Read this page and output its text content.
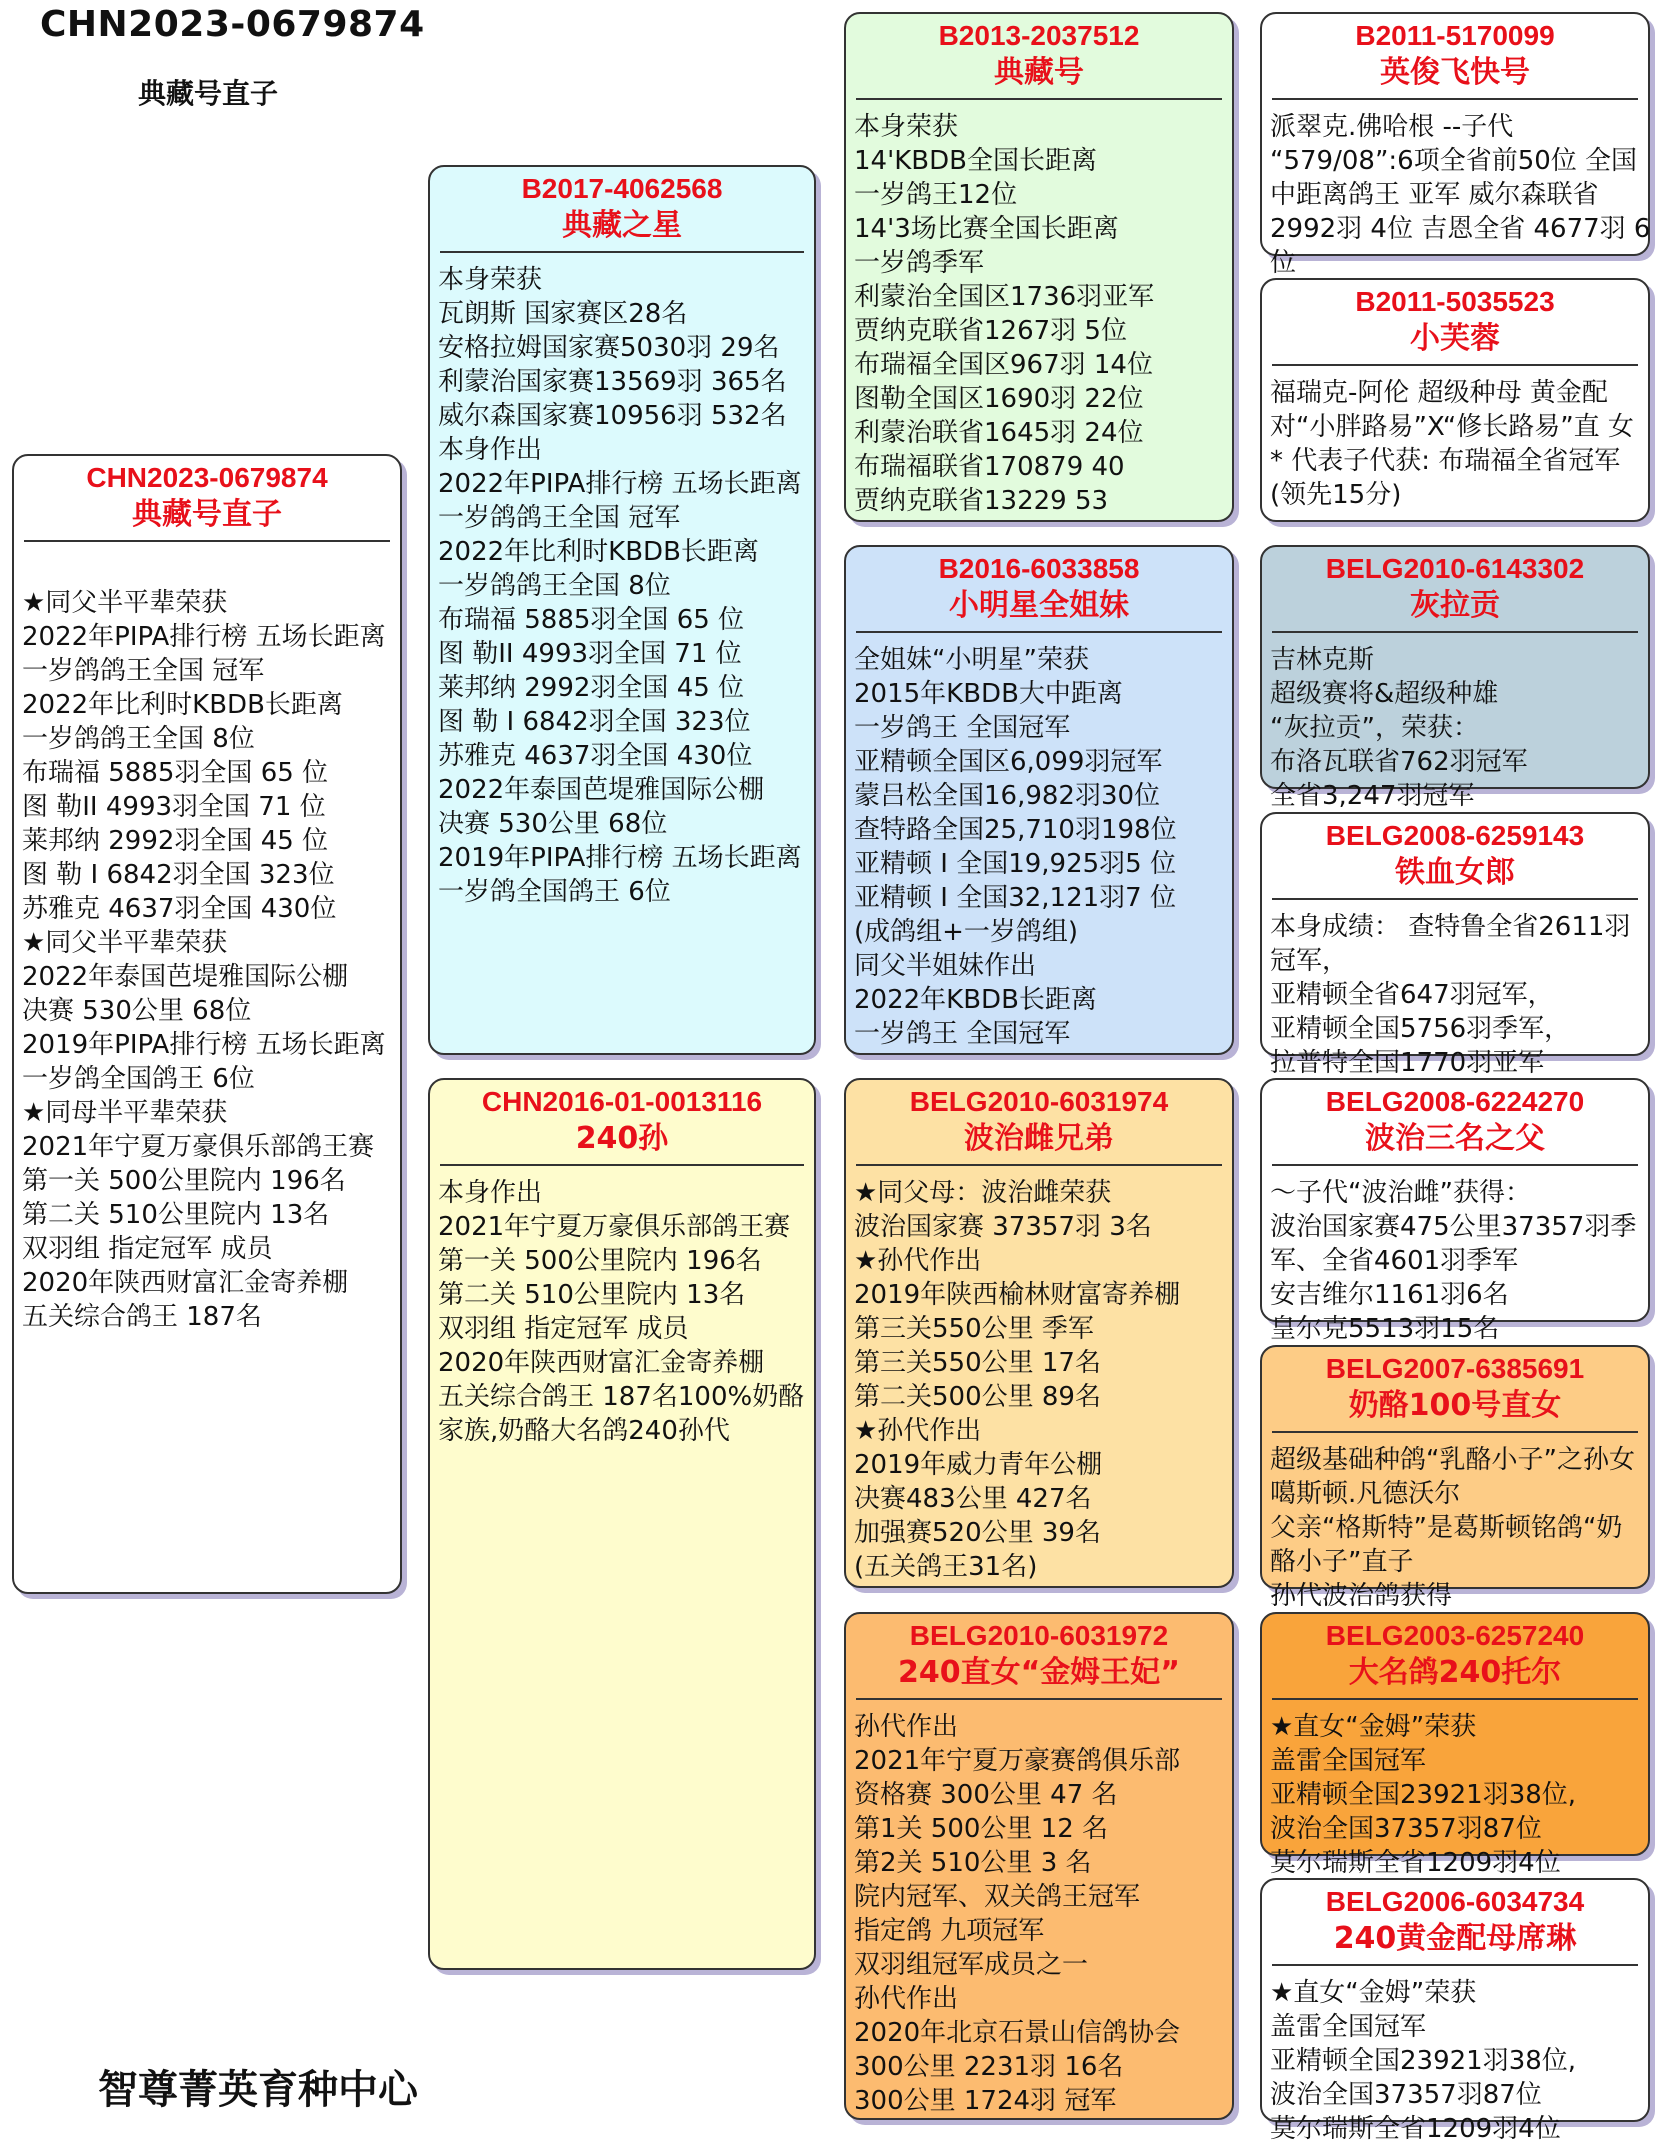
CHN2023-0679874
典藏号直子
CHN2023-0679874
典藏号直子

★同父半平辈荣获
2022年PIPA排行榜 五场长距离
一岁鸽鸽王全国 冠军
2022年比利时KBDB长距离
一岁鸽鸽王全国 8位
布瑞福 5885羽全国 65 位
图 勒II 4993羽全国 71 位
莱邦纳 2992羽全国 45 位
图 勒 I 6842羽全国 323位
苏雅克 4637羽全国 430位
★同父半平辈荣获
2022年泰国芭堤雅国际公棚
决赛 530公里 68位
2019年PIPA排行榜 五场长距离
一岁鸽全国鸽王 6位
★同母半平辈荣获
2021年宁夏万豪俱乐部鸽王赛
第一关 500公里院内 196名
第二关 510公里院内 13名
双羽组 指定冠军 成员
2020年陕西财富汇金寄养棚
五关综合鸽王 187名
B2017-4062568
典藏之星
本身荣获
瓦朗斯 国家赛区28名
安格拉姆国家赛5030羽 29名
利蒙治国家赛13569羽 365名
威尔森国家赛10956羽 532名
本身作出
2022年PIPA排行榜 五场长距离
一岁鸽鸽王全国 冠军
2022年比利时KBDB长距离
一岁鸽鸽王全国 8位
布瑞福 5885羽全国 65 位
图 勒II 4993羽全国 71 位
莱邦纳 2992羽全国 45 位
图 勒 I 6842羽全国 323位
苏雅克 4637羽全国 430位
2022年泰国芭堤雅国际公棚
决赛 530公里 68位
2019年PIPA排行榜 五场长距离
一岁鸽全国鸽王 6位
CHN2016-01-0013116
240孙
本身作出
2021年宁夏万豪俱乐部鸽王赛
第一关 500公里院内 196名
第二关 510公里院内 13名
双羽组 指定冠军 成员
2020年陕西财富汇金寄养棚
五关综合鸽王 187名100%奶酪
家族,奶酪大名鸽240孙代
B2013-2037512
典藏号
本身荣获
14'KBDB全国长距离
一岁鸽王12位
14'3场比赛全国长距离
一岁鸽季军
利蒙治全国区1736羽亚军
贾纳克联省1267羽 5位
布瑞福全国区967羽 14位
图勒全国区1690羽 22位
利蒙治联省1645羽 24位
布瑞福联省170879 40
贾纳克联省13229 53
B2016-6033858
小明星全姐妹
全姐妹“小明星”荣获
2015年KBDB大中距离
一岁鸽王 全国冠军
亚精顿全国区6,099羽冠军
蒙吕松全国16,982羽30位
查特路全国25,710羽198位
亚精顿 I 全国19,925羽5 位
亚精顿 I 全国32,121羽7 位
(成鸽组+一岁鸽组)
同父半姐妹作出
2022年KBDB长距离
一岁鸽王 全国冠军
BELG2010-6031974
波治雌兄弟
★同父母：波治雌荣获
波治国家赛 37357羽 3名
★孙代作出
2019年陕西榆林财富寄养棚
第三关550公里 季军
第三关550公里 17名
第二关500公里 89名
★孙代作出
2019年威力青年公棚
决赛483公里 427名
加强赛520公里 39名
(五关鸽王31名)
BELG2010-6031972
240直女“金姆王妃”
孙代作出
2021年宁夏万豪赛鸽俱乐部
资格赛 300公里 47 名
第1关 500公里 12 名
第2关 510公里 3 名
院内冠军、双关鸽王冠军
指定鸽 九项冠军
双羽组冠军成员之一
孙代作出
2020年北京石景山信鸽协会
300公里 2231羽 16名
300公里 1724羽 冠军
B2011-5170099
英俊飞快号
派翠克.佛哈根 --子代
“579/08”:6项全省前50位 全国
中距离鸽王 亚军 威尔森联省
2992羽 4位 吉恩全省 4677羽 6
位
B2011-5035523
小芙蓉
福瑞克-阿伦 超级种母 黄金配
对“小胖路易”X“修长路易”直 女
* 代表子代获: 布瑞福全省冠军
(领先15分)
BELG2010-6143302
灰拉贡
吉林克斯
超级赛将&超级种雄
“灰拉贡”，荣获：
布洛瓦联省762羽冠军
全省3,247羽冠军
BELG2008-6259143
铁血女郎
本身成绩： 查特鲁全省2611羽
冠军，
亚精顿全省647羽冠军，
亚精顿全国5756羽季军，
拉普特全国1770羽亚军
BELG2008-6224270
波治三名之父
～子代“波治雌”获得：
波治国家赛475公里37357羽季
军、全省4601羽季军
安吉维尔1161羽6名
皇尔克5513羽15名
BELG2007-6385691
奶酪100号直女
超级基础种鸽“乳酪小子”之孙女
噶斯顿.凡德沃尔
父亲“格斯特”是葛斯顿铭鸽“奶
酪小子”直子
孙代波治鸽获得
BELG2003-6257240
大名鸽240托尔
★直女“金姆”荣获
盖雷全国冠军
亚精顿全国23921羽38位,
波治全国37357羽87位
莫尔瑞斯全省1209羽4位
BELG2006-6034734
240黄金配母席琳
★直女“金姆”荣获
盖雷全国冠军
亚精顿全国23921羽38位,
波治全国37357羽87位
莫尔瑞斯全省1209羽4位
智尊菁英育种中心
